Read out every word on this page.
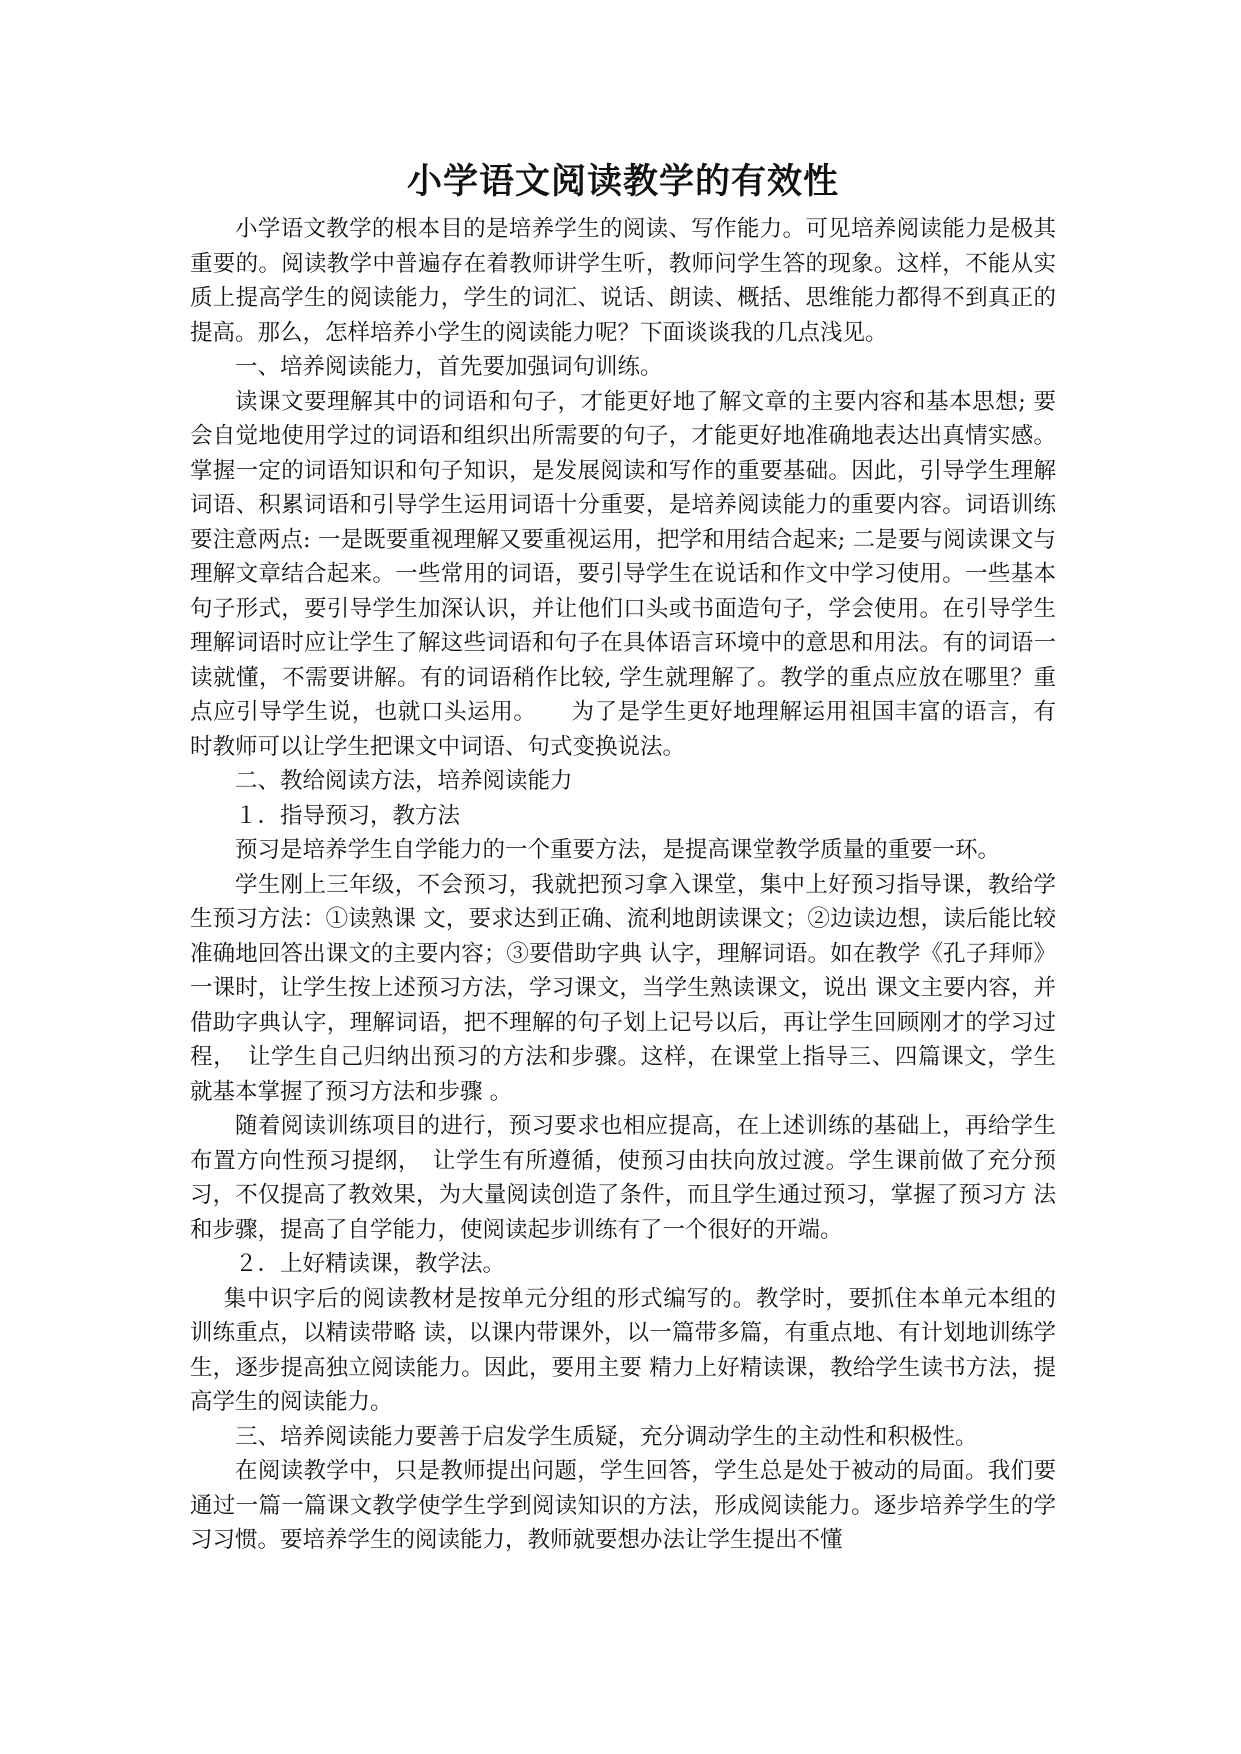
小学语文阅读教学的有效性

小学语文教学的根本目的是培养学生的阅读、写作能力。可见培养阅读能力是极其重要的。阅读教学中普遍存在着教师讲学生听，教师问学生答的现象。这样，不能从实质上提高学生的阅读能力，学生的词汇、说话、朗读、概括、思维能力都得不到真正的提高。那么，怎样培养小学生的阅读能力呢？下面谈谈我的几点浅见。

一、培养阅读能力，首先要加强词句训练。

读课文要理解其中的词语和句子，才能更好地了解文章的主要内容和基本思想; 要会自觉地使用学过的词语和组织出所需要的句子，才能更好地准确地表达出真情实感。掌握一定的词语知识和句子知识，是发展阅读和写作的重要基础。因此，引导学生理解词语、积累词语和引导学生运用词语十分重要，是培养阅读能力的重要内容。词语训练要注意两点: 一是既要重视理解又要重视运用，把学和用结合起来; 二是要与阅读课文与理解文章结合起来。一些常用的词语，要引导学生在说话和作文中学习使用。一些基本句子形式，要引导学生加深认识，并让他们口头或书面造句子，学会使用。在引导学生理解词语时应让学生了解这些词语和句子在具体语言环境中的意思和用法。有的词语一读就懂，不需要讲解。有的词语稍作比较, 学生就理解了。教学的重点应放在哪里？重点应引导学生说，也就口头运用。　　为了是学生更好地理解运用祖国丰富的语言，有时教师可以让学生把课文中词语、句式变换说法。

二、教给阅读方法，培养阅读能力

１．指导预习，教方法

预习是培养学生自学能力的一个重要方法，是提高课堂教学质量的重要一环。

学生刚上三年级，不会预习，我就把预习拿入课堂，集中上好预习指导课，教给学生预习方法：①读熟课 文，要求达到正确、流利地朗读课文；②边读边想，读后能比较准确地回答出课文的主要内容；③要借助字典 认字，理解词语。如在教学《孔子拜师》一课时，让学生按上述预习方法，学习课文，当学生熟读课文，说出 课文主要内容，并借助字典认字，理解词语，把不理解的句子划上记号以后，再让学生回顾刚才的学习过程，　让学生自己归纳出预习的方法和步骤。这样，在课堂上指导三、四篇课文，学生就基本掌握了预习方法和步骤 。

随着阅读训练项目的进行，预习要求也相应提高，在上述训练的基础上，再给学生布置方向性预习提纲，　让学生有所遵循，使预习由扶向放过渡。学生课前做了充分预习，不仅提高了教效果，为大量阅读创造了条件，而且学生通过预习，掌握了预习方 法和步骤，提高了自学能力，使阅读起步训练有了一个很好的开端。

２．上好精读课，教学法。

集中识字后的阅读教材是按单元分组的形式编写的。教学时，要抓住本单元本组的训练重点，以精读带略 读，以课内带课外，以一篇带多篇，有重点地、有计划地训练学生，逐步提高独立阅读能力。因此，要用主要 精力上好精读课，教给学生读书方法，提高学生的阅读能力。

三、培养阅读能力要善于启发学生质疑，充分调动学生的主动性和积极性。

在阅读教学中，只是教师提出问题，学生回答，学生总是处于被动的局面。我们要通过一篇一篇课文教学使学生学到阅读知识的方法，形成阅读能力。逐步培养学生的学习习惯。要培养学生的阅读能力，教师就要想办法让学生提出不懂
